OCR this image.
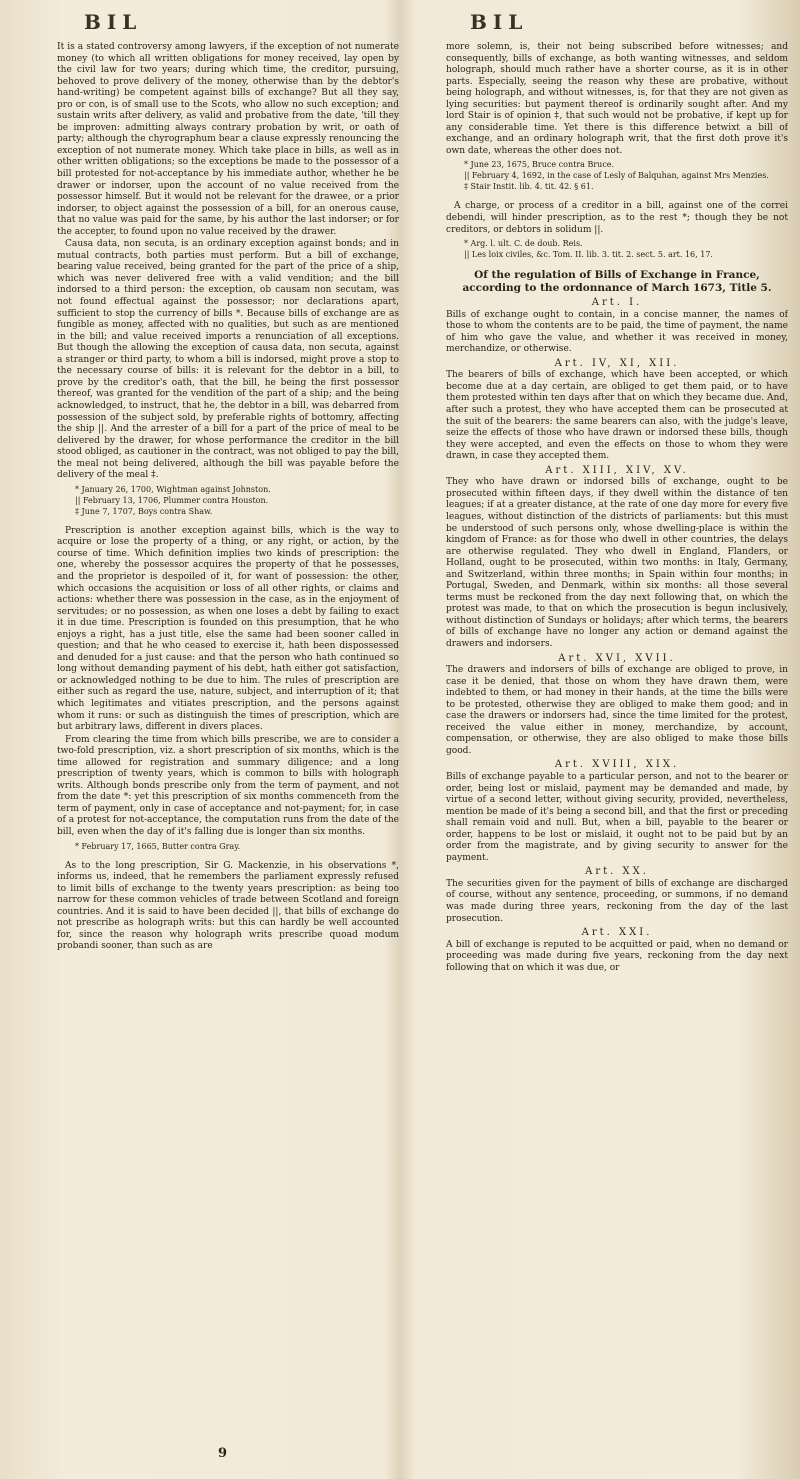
BIL	BIL

It is a stated controversy among lawyers, if the exception of not numerate money (to which all written obligations for money received, lay open by the civil law for two years; during which time, the creditor, pursuing, behoved to prove delivery of the money, otherwise than by the debtor's hand-writing) be competent against bills of exchange? But all they say, pro or con, is of small use to the Scots, who allow no such exception; and sustain writs after delivery, as valid and probative from the date, 'till they be improven: admitting always contrary probation by writ, or oath of party; although the chyrographum bear a clause expressly renouncing the exception of not numerate money. Which take place in bills, as well as in other written obligations; so the exceptions be made to the possessor of a bill protested for not-acceptance by his immediate author, whether he be drawer or indorser, upon the account of no value received from the possessor himself. But it would not be relevant for the drawee, or a prior indorser, to object against the possession of a bill, for an onerous cause, that no value was paid for the same, by his author the last indorser; or for the accepter, to found upon no value received by the drawer.

Causa data, non secuta, is an ordinary exception against bonds; and in mutual contracts, both parties must perform. But a bill of exchange, bearing value received, being granted for the part of the price of a ship, which was never delivered free with a valid vendition; and the bill indorsed to a third person: the exception, ob causam non secutam, was not found effectual against the possessor; nor declarations apart, sufficient to stop the currency of bills *. Because bills of exchange are as fungible as money, affected with no qualities, but such as are mentioned in the bill; and value received imports a renunciation of all exceptions. But though the allowing the exception of causa data, non secuta, against a stranger or third party, to whom a bill is indorsed, might prove a stop to the necessary course of bills: it is relevant for the debtor in a bill, to prove by the creditor's oath, that the bill, he being the first possessor thereof, was granted for the vendition of the part of a ship; and the being acknowledged, to instruct, that he, the debtor in a bill, was debarred from possession of the subject sold, by preferable rights of bottomry, affecting the ship ||. And the arrester of a bill for a part of the price of meal to be delivered by the drawer, for whose performance the creditor in the bill stood obliged, as cautioner in the contract, was not obliged to pay the bill, the meal not being delivered, although the bill was payable before the delivery of the meal ‡.

* January 26, 1700, Wightman against Johnston.

|| February 13, 1706, Plummer contra Houston.

‡ June 7, 1707, Boys contra Shaw.

Prescription is another exception against bills, which is the way to acquire or lose the property of a thing, or any right, or action, by the course of time. Which definition implies two kinds of prescription: the one, whereby the possessor acquires the property of that he possesses, and the proprietor is despoiled of it, for want of possession: the other, which occasions the acquisition or loss of all other rights, or claims and actions: whether there was possession in the case, as in the enjoyment of servitudes; or no possession, as when one loses a debt by failing to exact it in due time. Prescription is founded on this presumption, that he who enjoys a right, has a just title, else the same had been sooner called in question; and that he who ceased to exercise it, hath been dispossessed and denuded for a just cause: and that the person who hath continued so long without demanding payment of his debt, hath either got satisfaction, or acknowledged nothing to be due to him. The rules of prescription are either such as regard the use, nature, subject, and interruption of it; that which legitimates and vitiates prescription, and the persons against whom it runs: or such as distinguish the times of prescription, which are but arbitrary laws, different in divers places.

From clearing the time from which bills prescribe, we are to consider a two-fold prescription, viz. a short prescription of six months, which is the time allowed for registration and summary diligence; and a long prescription of twenty years, which is common to bills with holograph writs. Although bonds prescribe only from the term of payment, and not from the date *: yet this prescription of six months commenceth from the term of payment, only in case of acceptance and not-payment; for, in case of a protest for not-acceptance, the computation runs from the date of the bill, even when the day of it's falling due is longer than six months.

* February 17, 1665, Butter contra Gray.

As to the long prescription, Sir G. Mackenzie, in his observations *, informs us, indeed, that he remembers the parliament expressly refused to limit bills of exchange to the twenty years prescription: as being too narrow for these common vehicles of trade between Scotland and foreign countries. And it is said to have been decided ||, that bills of exchange do not prescribe as holograph writs: but this can hardly be well accounted for, since the reason why holograph writs prescribe quoad modum probandi sooner, than such as are

more solemn, is, their not being subscribed before witnesses; and consequently, bills of exchange, as both wanting witnesses, and seldom holograph, should much rather have a shorter course, as it is in other parts. Especially, seeing the reason why these are probative, without being holograph, and without witnesses, is, for that they are not given as lying securities: but payment thereof is ordinarily sought after. And my lord Stair is of opinion ‡, that such would not be probative, if kept up for any considerable time. Yet there is this difference betwixt a bill of exchange, and an ordinary holograph writ, that the first doth prove it's own date, whereas the other does not.

* June 23, 1675, Bruce contra Bruce.

|| February 4, 1692, in the case of Lesly of Balquhan, against Mrs Menzies.

‡ Stair Instit. lib. 4. tit. 42. § 61.

A charge, or process of a creditor in a bill, against one of the correi debendi, will hinder prescription, as to the rest *; though they be not creditors, or debtors in solidum ||.

* Arg. l. ult. C. de doub. Reis.

|| Les loix civiles, &c. Tom. II. lib. 3. tit. 2. sect. 5. art. 16, 17.

Of the regulation of Bills of Exchange in France, according to the ordonnance of March 1673, Title 5.
Art. I.

Bills of exchange ought to contain, in a concise manner, the names of those to whom the contents are to be paid, the time of payment, the name of him who gave the value, and whether it was received in money, merchandize, or otherwise.

Art. IV, XI, XII.

The bearers of bills of exchange, which have been accepted, or which become due at a day certain, are obliged to get them paid, or to have them protested within ten days after that on which they became due. And, after such a protest, they who have accepted them can be prosecuted at the suit of the bearers: the same bearers can also, with the judge's leave, seize the effects of those who have drawn or indorsed these bills, though they were accepted, and even the effects on those to whom they were drawn, in case they accepted them.

Art. XIII, XIV, XV.

They who have drawn or indorsed bills of exchange, ought to be prosecuted within fifteen days, if they dwell within the distance of ten leagues; if at a greater distance, at the rate of one day more for every five leagues, without distinction of the districts of parliaments: but this must be understood of such persons only, whose dwelling-place is within the kingdom of France: as for those who dwell in other countries, the delays are otherwise regulated. They who dwell in England, Flanders, or Holland, ought to be prosecuted, within two months: in Italy, Germany, and Switzerland, within three months; in Spain within four months; in Portugal, Sweden, and Denmark, within six months: all those several terms must be reckoned from the day next following that, on which the protest was made, to that on which the prosecution is begun inclusively, without distinction of Sundays or holidays; after which terms, the bearers of bills of exchange have no longer any action or demand against the drawers and indorsers.

Art. XVI, XVII.

The drawers and indorsers of bills of exchange are obliged to prove, in case it be denied, that those on whom they have drawn them, were indebted to them, or had money in their hands, at the time the bills were to be protested, otherwise they are obliged to make them good; and in case the drawers or indorsers had, since the time limited for the protest, received the value either in money, merchandize, by account, compensation, or otherwise, they are also obliged to make those bills good.

Art. XVIII, XIX.

Bills of exchange payable to a particular person, and not to the bearer or order, being lost or mislaid, payment may be demanded and made, by virtue of a second letter, without giving security, provided, nevertheless, mention be made of it's being a second bill, and that the first or preceding shall remain void and null. But, when a bill, payable to the bearer or order, happens to be lost or mislaid, it ought not to be paid but by an order from the magistrate, and by giving security to answer for the payment.

Art. XX.

The securities given for the payment of bills of exchange are discharged of course, without any sentence, proceeding, or summons, if no demand was made during three years, reckoning from the day of the last prosecution.

Art. XXI.

A bill of exchange is reputed to be acquitted or paid, when no demand or proceeding was made during five years, reckoning from the day next following that on which it was due, or

9
